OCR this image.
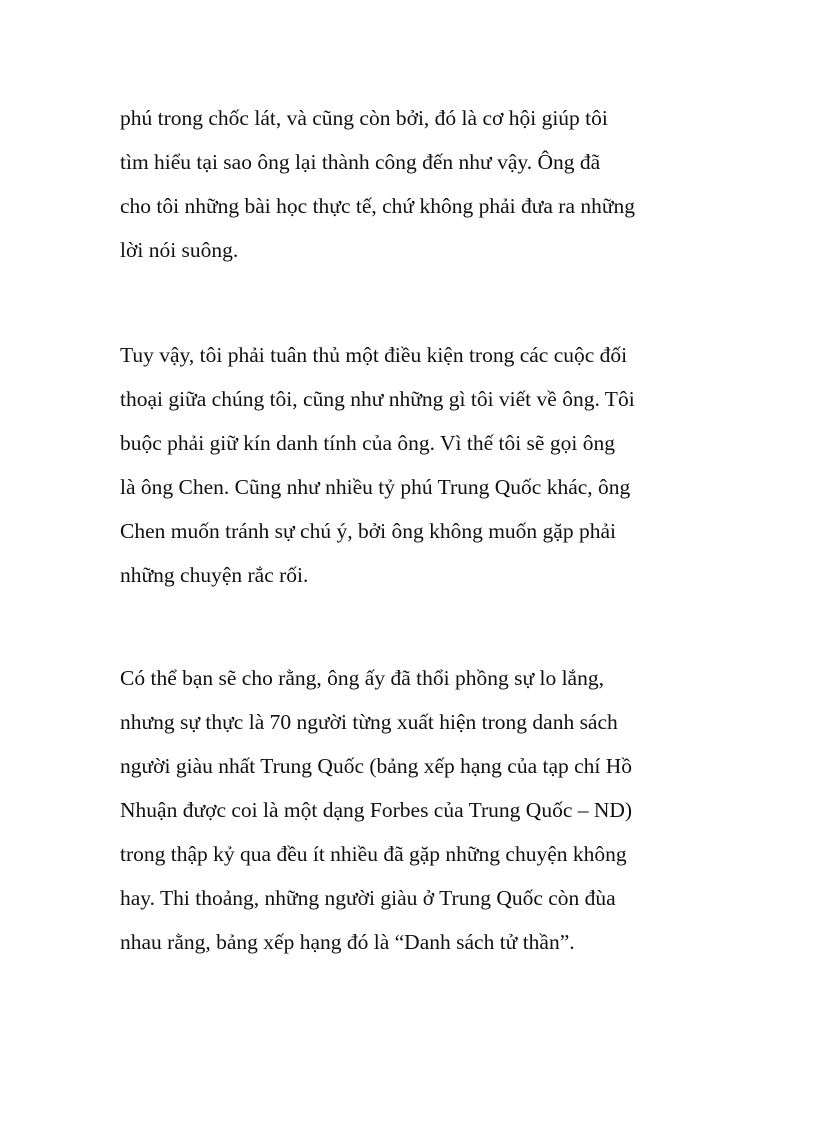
phú trong chốc lát, và cũng còn bởi, đó là cơ hội giúp tôi
tìm hiểu tại sao ông lại thành công đến như vậy. Ông đã
cho tôi những bài học thực tế, chứ không phải đưa ra những
lời nói suông.

Tuy vậy, tôi phải tuân thủ một điều kiện trong các cuộc đối
thoại giữa chúng tôi, cũng như những gì tôi viết về ông. Tôi
buộc phải giữ kín danh tính của ông. Vì thế tôi sẽ gọi ông
là ông Chen. Cũng như nhiều tỷ phú Trung Quốc khác, ông
Chen muốn tránh sự chú ý, bởi ông không muốn gặp phải
những chuyện rắc rối.

Có thể bạn sẽ cho rằng, ông ấy đã thổi phồng sự lo lắng,
nhưng sự thực là 70 người từng xuất hiện trong danh sách
người giàu nhất Trung Quốc (bảng xếp hạng của tạp chí Hồ
Nhuận được coi là một dạng Forbes của Trung Quốc – ND)
trong thập kỷ qua đều ít nhiều đã gặp những chuyện không
hay. Thi thoảng, những người giàu ở Trung Quốc còn đùa
nhau rằng, bảng xếp hạng đó là “Danh sách tử thần”.
